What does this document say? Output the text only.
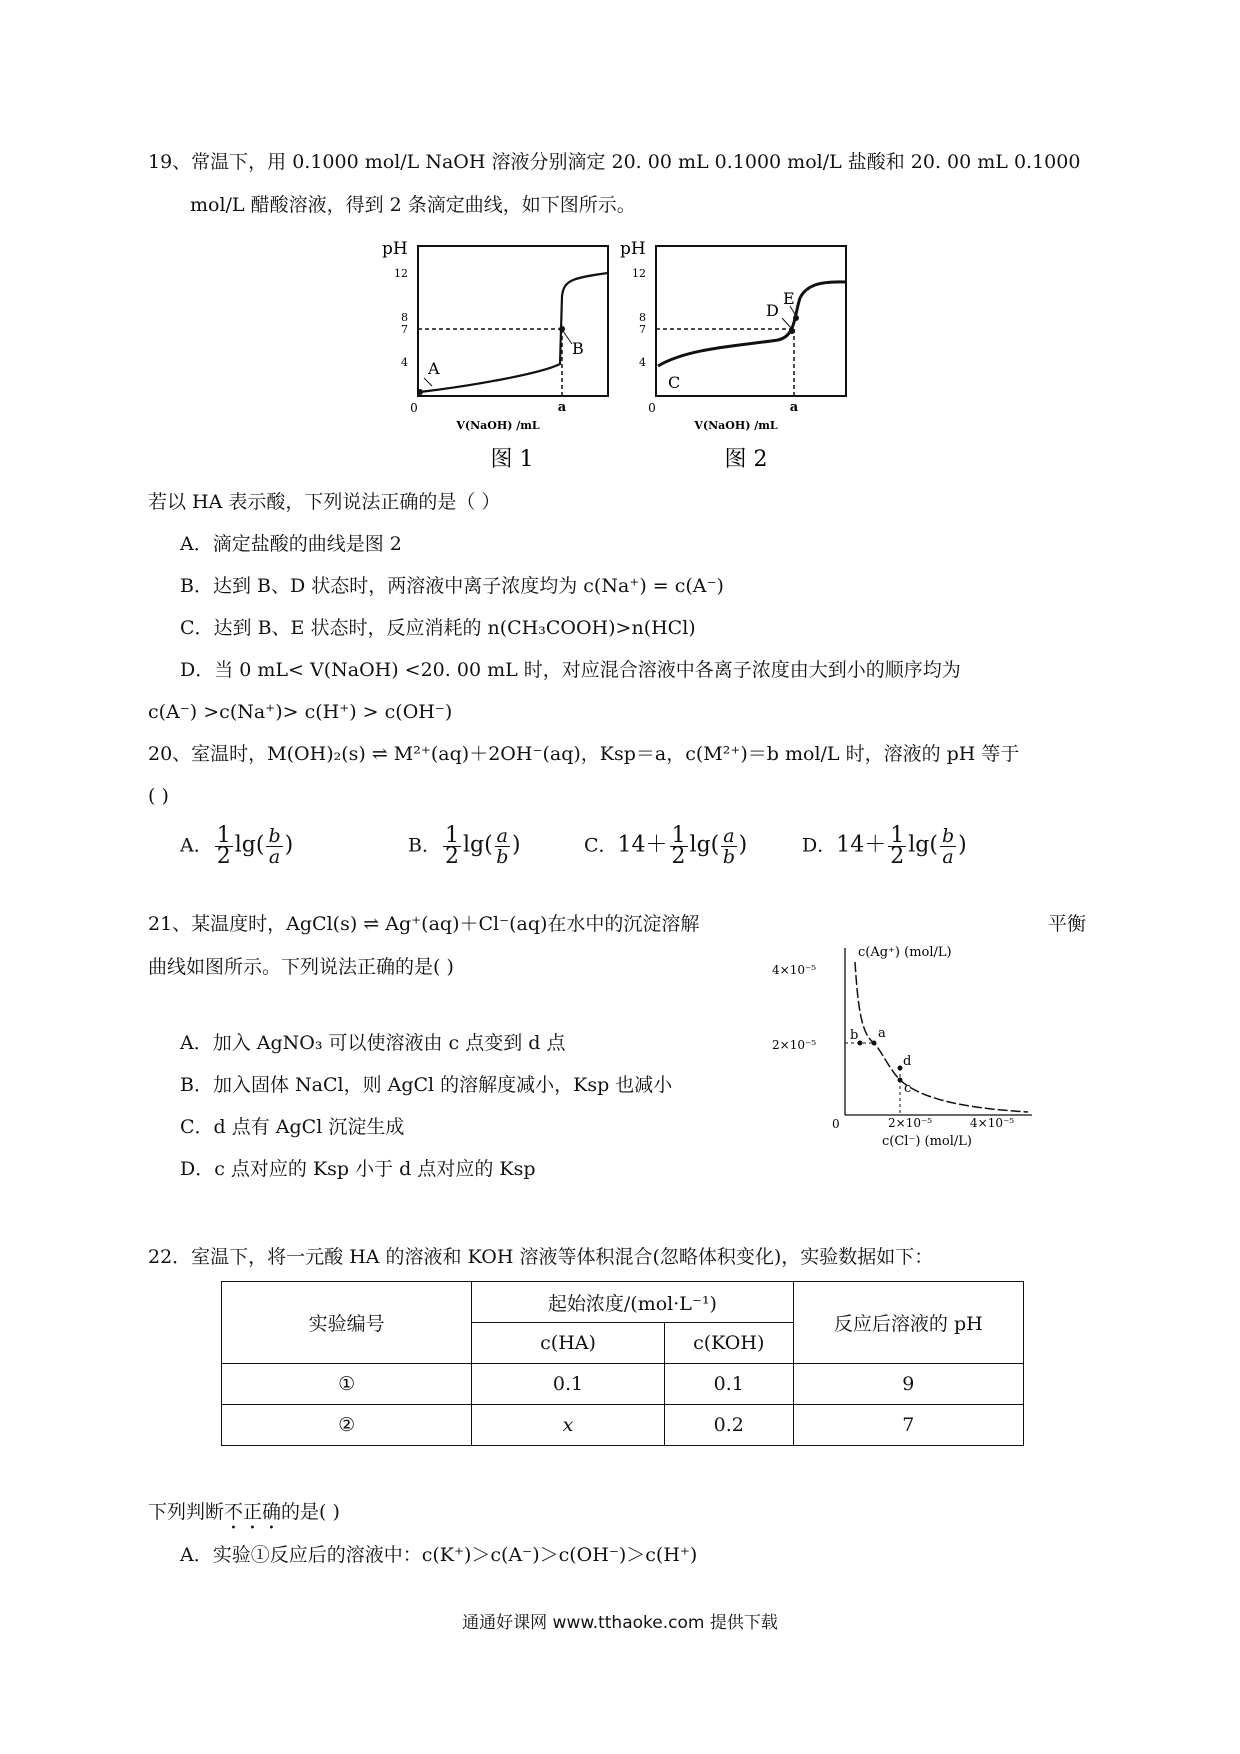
19、常温下，用 0.1000 mol/L NaOH 溶液分别滴定 20. 00 mL 0.1000 mol/L 盐酸和 20. 00 mL 0.1000
mol/L 醋酸溶液，得到 2 条滴定曲线，如下图所示。
pH
12
8
7
4 A
B
0	a
V(NaOH) /mL
图 1
pH
12
8
7
4
D
E
C
0	a
V(NaOH) /mL
图 2
若以 HA 表示酸，下列说法正确的是（ ）
A．滴定盐酸的曲线是图 2
B．达到 B、D 状态时，两溶液中离子浓度均为 c(Na⁺) = c(A⁻)
C．达到 B、E 状态时，反应消耗的 n(CH₃COOH)>n(HCl)
D．当 0 mL< V(NaOH) <20. 00 mL 时，对应混合溶液中各离子浓度由大到小的顺序均为
c(A⁻) >c(Na⁺)> c(H⁺) > c(OH⁻)
20、室温时，M(OH)₂(s) ⇌ M²⁺(aq)＋2OH⁻(aq)，Ksp＝a，c(M²⁺)＝b mol/L 时，溶液的 pH 等于
( )
A． $\frac{1}{2} \lg( \frac{b}{a}$ )	B． $\frac{1}{2} \lg( \frac{a}{b}$ )	C．$14+ \frac{1}{2} \lg( \frac{a}{b}$ )	D．$14+ \frac{1}{2} \lg( \frac{b}{a}$ )
21、某温度时，AgCl(s) ⇌ Ag⁺(aq)＋Cl⁻(aq)在水中的沉淀溶解	平衡
曲线如图所示。下列说法正确的是( )
A．加入 AgNO₃ 可以使溶液由 c 点变到 d 点
B．加入固体 NaCl，则 AgCl 的溶解度减小，Ksp 也减小
C．d 点有 AgCl 沉淀生成
D．c 点对应的 Ksp 小于 d 点对应的 Ksp
c(Ag⁺) (mol/L)
4×10⁻⁵
2×10⁻⁵
0	2×10⁻⁵	4×10⁻⁵
c(Cl⁻) (mol/L)
b a
d
c
22．室温下，将一元酸 HA 的溶液和 KOH 溶液等体积混合(忽略体积变化)，实验数据如下：
实验编号	起始浓度/(mol·L⁻¹)		反应后溶液的 pH
	c(HA)	c(KOH)	
①	0.1	0.1	9
②	x	0.2	7
下列判断不正确的是( )
A．实验①反应后的溶液中：c(K⁺)＞c(A⁻)＞c(OH⁻)＞c(H⁺)
通通好课网 www.tthaoke.com 提供下载
